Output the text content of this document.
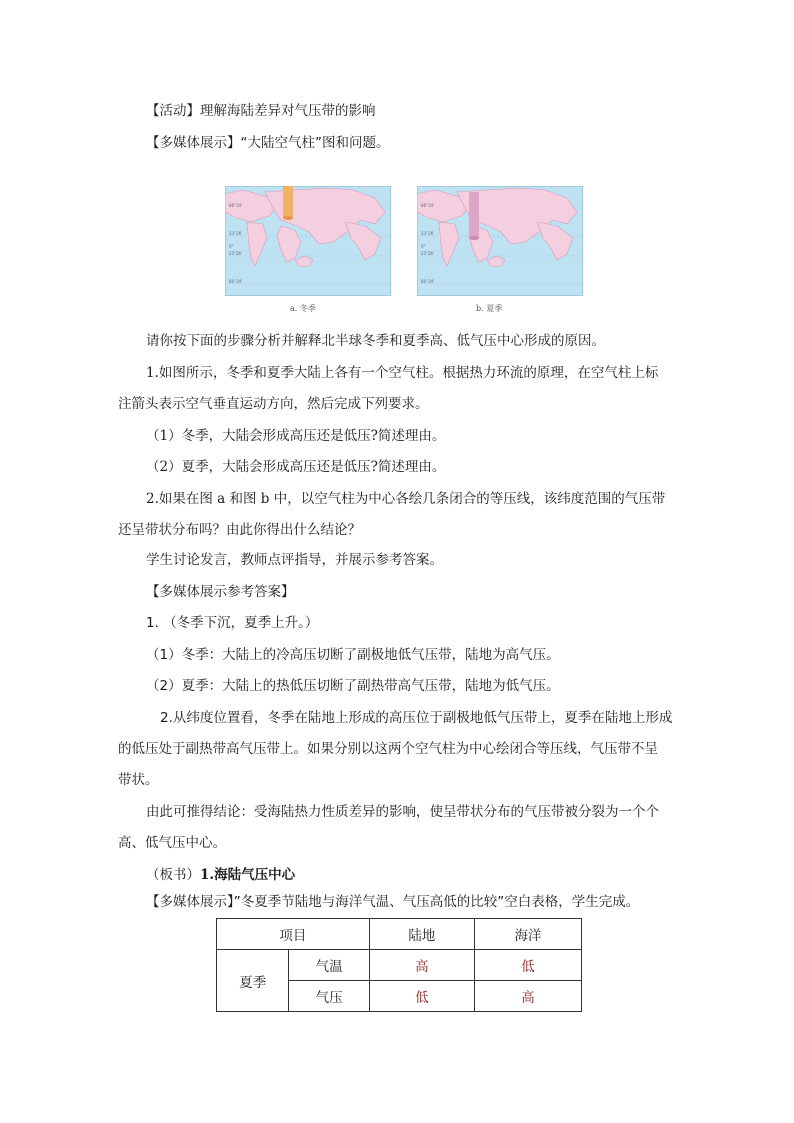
【活动】理解海陆差异对气压带的影响
【多媒体展示】“大陆空气柱”图和问题。
66°34'
23°26'
0°
23°26'
66°34'
a. 冬季
66°34'
23°26'
0°
23°26'
66°34'
b. 夏季
请你按下面的步骤分析并解释北半球冬季和夏季高、低气压中心形成的原因。
1.如图所示，冬季和夏季大陆上各有一个空气柱。根据热力环流的原理，在空气柱上标
注箭头表示空气垂直运动方向，然后完成下列要求。
（1）冬季，大陆会形成高压还是低压?简述理由。
（2）夏季，大陆会形成高压还是低压?简述理由。
2.如果在图 a 和图 b 中，以空气柱为中心各绘几条闭合的等压线，该纬度范围的气压带
还呈带状分布吗？由此你得出什么结论？
学生讨论发言，教师点评指导，并展示参考答案。
【多媒体展示参考答案】
1. （冬季下沉，夏季上升。）
（1）冬季：大陆上的冷高压切断了副极地低气压带，陆地为高气压。
（2）夏季：大陆上的热低压切断了副热带高气压带，陆地为低气压。
2.从纬度位置看，冬季在陆地上形成的高压位于副极地低气压带上，夏季在陆地上形成
的低压处于副热带高气压带上。如果分别以这两个空气柱为中心绘闭合等压线，气压带不呈
带状。
由此可推得结论：受海陆热力性质差异的影响，使呈带状分布的气压带被分裂为一个个
高、低气压中心。
（板书）1.海陆气压中心
【多媒体展示】”冬夏季节陆地与海洋气温、气压高低的比较”空白表格，学生完成。
项目		陆地	海洋
夏季	气温	高	低
	气压	低	高
